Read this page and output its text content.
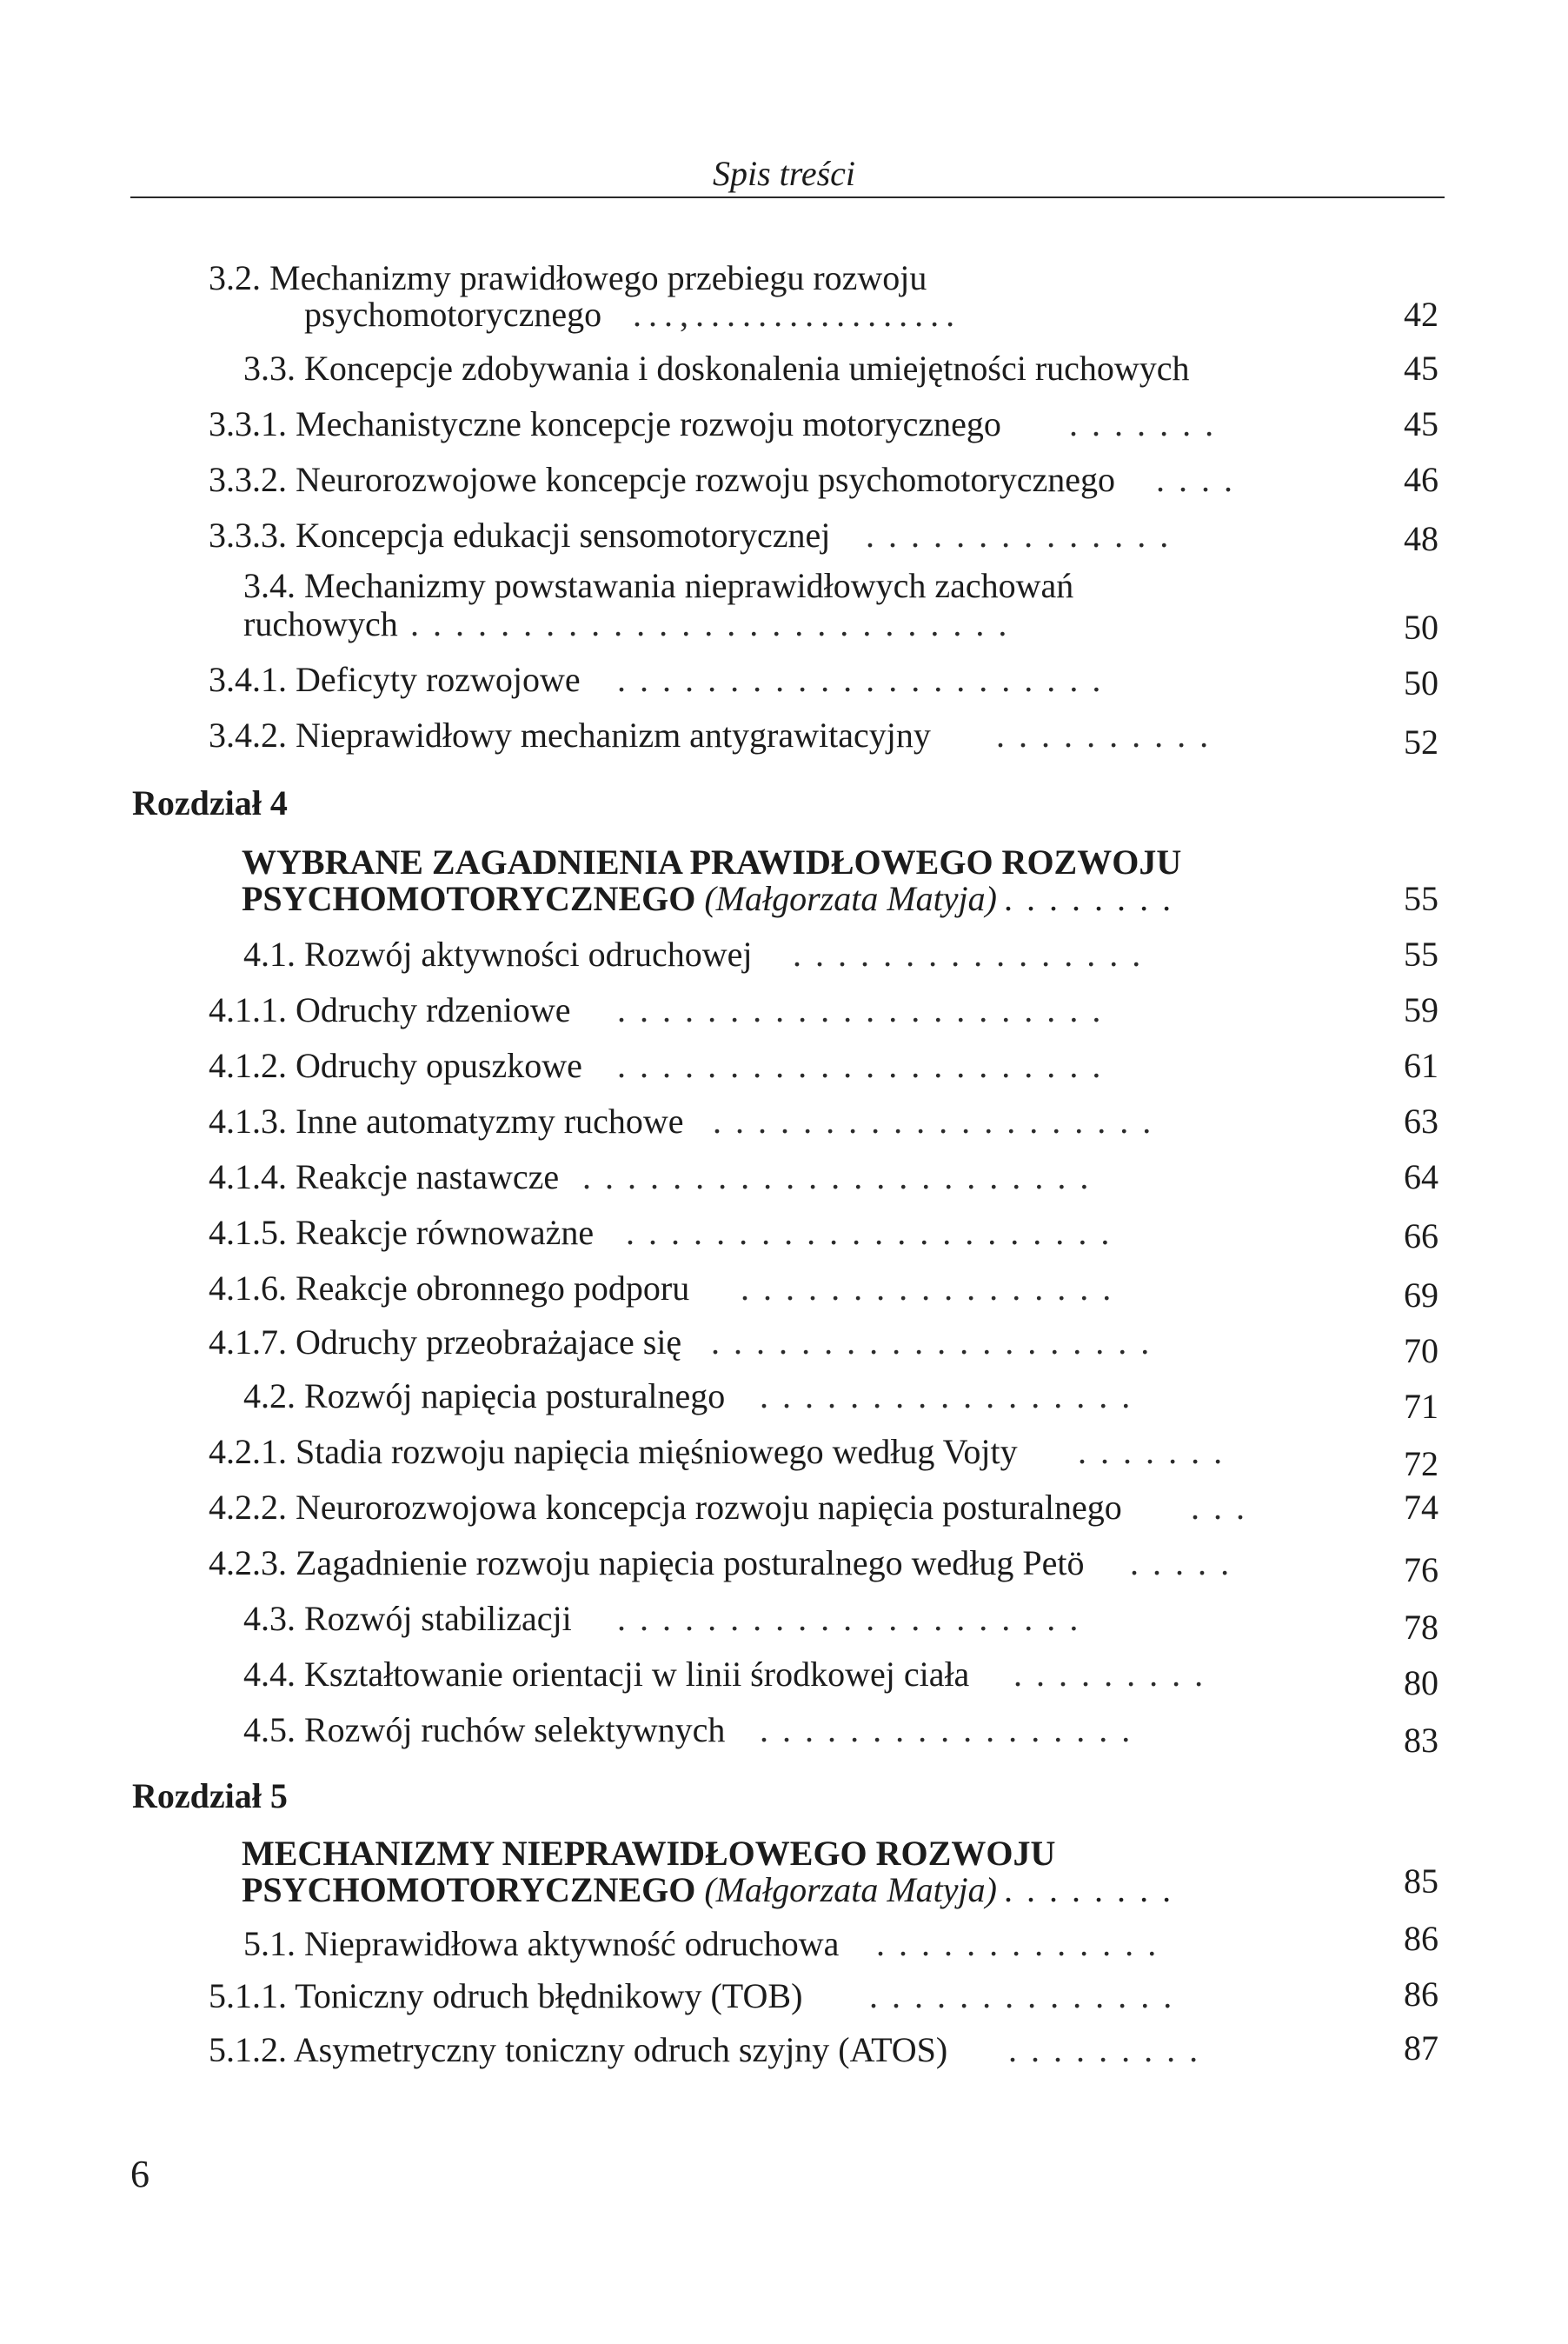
Spis treści
3.2. Mechanizmy prawidłowego przebiegu rozwoju
psychomotorycznego . . . , . . . . . . . . . . . . . . . . .	42
3.3. Koncepcje zdobywania i doskonalenia umiejętności ruchowych	45
3.3.1. Mechanistyczne koncepcje rozwoju motorycznego .  .  .  .  .  .  .	45
3.3.2. Neurorozwojowe koncepcje rozwoju psychomotorycznego .  .  .  .	46
3.3.3. Koncepcja edukacji sensomotorycznej .  .  .  .  .  .  .  .  .  .  .  .  .  .	48
3.4. Mechanizmy powstawania nieprawidłowych zachowań
ruchowych .  .  .  .  .  .  .  .  .  .  .  .  .  .  .  .  .  .  .  .  .  .  .  .  .  .  .	50
3.4.1. Deficyty rozwojowe .  .  .  .  .  .  .  .  .  .  .  .  .  .  .  .  .  .  .  .  .  .	50
3.4.2. Nieprawidłowy mechanizm antygrawitacyjny .  .  .  .  .  .  .  .  .  .	52
Rozdział 4
WYBRANE ZAGADNIENIA PRAWIDŁOWEGO ROZWOJU
PSYCHOMOTORYCZNEGO (Małgorzata Matyja) .  .  .  .  .  .  .  .	55
4.1. Rozwój aktywności odruchowej .  .  .  .  .  .  .  .  .  .  .  .  .  .  .  .	55
4.1.1. Odruchy rdzeniowe .  .  .  .  .  .  .  .  .  .  .  .  .  .  .  .  .  .  .  .  .  .	59
4.1.2. Odruchy opuszkowe .  .  .  .  .  .  .  .  .  .  .  .  .  .  .  .  .  .  .  .  .  .	61
4.1.3. Inne automatyzmy ruchowe .  .  .  .  .  .  .  .  .  .  .  .  .  .  .  .  .  .  .  .	63
4.1.4. Reakcje nastawcze .  .  .  .  .  .  .  .  .  .  .  .  .  .  .  .  .  .  .  .  .  .  .	64
4.1.5. Reakcje równoważne .  .  .  .  .  .  .  .  .  .  .  .  .  .  .  .  .  .  .  .  .  .	66
4.1.6. Reakcje obronnego podporu .  .  .  .  .  .  .  .  .  .  .  .  .  .  .  .  .	69
4.1.7. Odruchy przeobrażajace się .  .  .  .  .  .  .  .  .  .  .  .  .  .  .  .  .  .  .  .	70
4.2. Rozwój napięcia posturalnego .  .  .  .  .  .  .  .  .  .  .  .  .  .  .  .  .	71
4.2.1. Stadia rozwoju napięcia mięśniowego według Vojty .  .  .  .  .  .  .	72
4.2.2. Neurorozwojowa koncepcja rozwoju napięcia posturalnego .  .  .	74
4.2.3. Zagadnienie rozwoju napięcia posturalnego według Petö .  .  .  .  .	76
4.3. Rozwój stabilizacji .  .  .  .  .  .  .  .  .  .  .  .  .  .  .  .  .  .  .  .  .	78
4.4. Kształtowanie orientacji w linii środkowej ciała .  .  .  .  .  .  .  .  .	80
4.5. Rozwój ruchów selektywnych .  .  .  .  .  .  .  .  .  .  .  .  .  .  .  .  .	83
Rozdział 5
MECHANIZMY NIEPRAWIDŁOWEGO ROZWOJU
PSYCHOMOTORYCZNEGO (Małgorzata Matyja) .  .  .  .  .  .  .  .	85
5.1. Nieprawidłowa aktywność odruchowa .  .  .  .  .  .  .  .  .  .  .  .  .	86
5.1.1. Toniczny odruch błędnikowy (TOB) .  .  .  .  .  .  .  .  .  .  .  .  .  .	86
5.1.2. Asymetryczny toniczny odruch szyjny (ATOS) .  .  .  .  .  .  .  .  .	87
6
